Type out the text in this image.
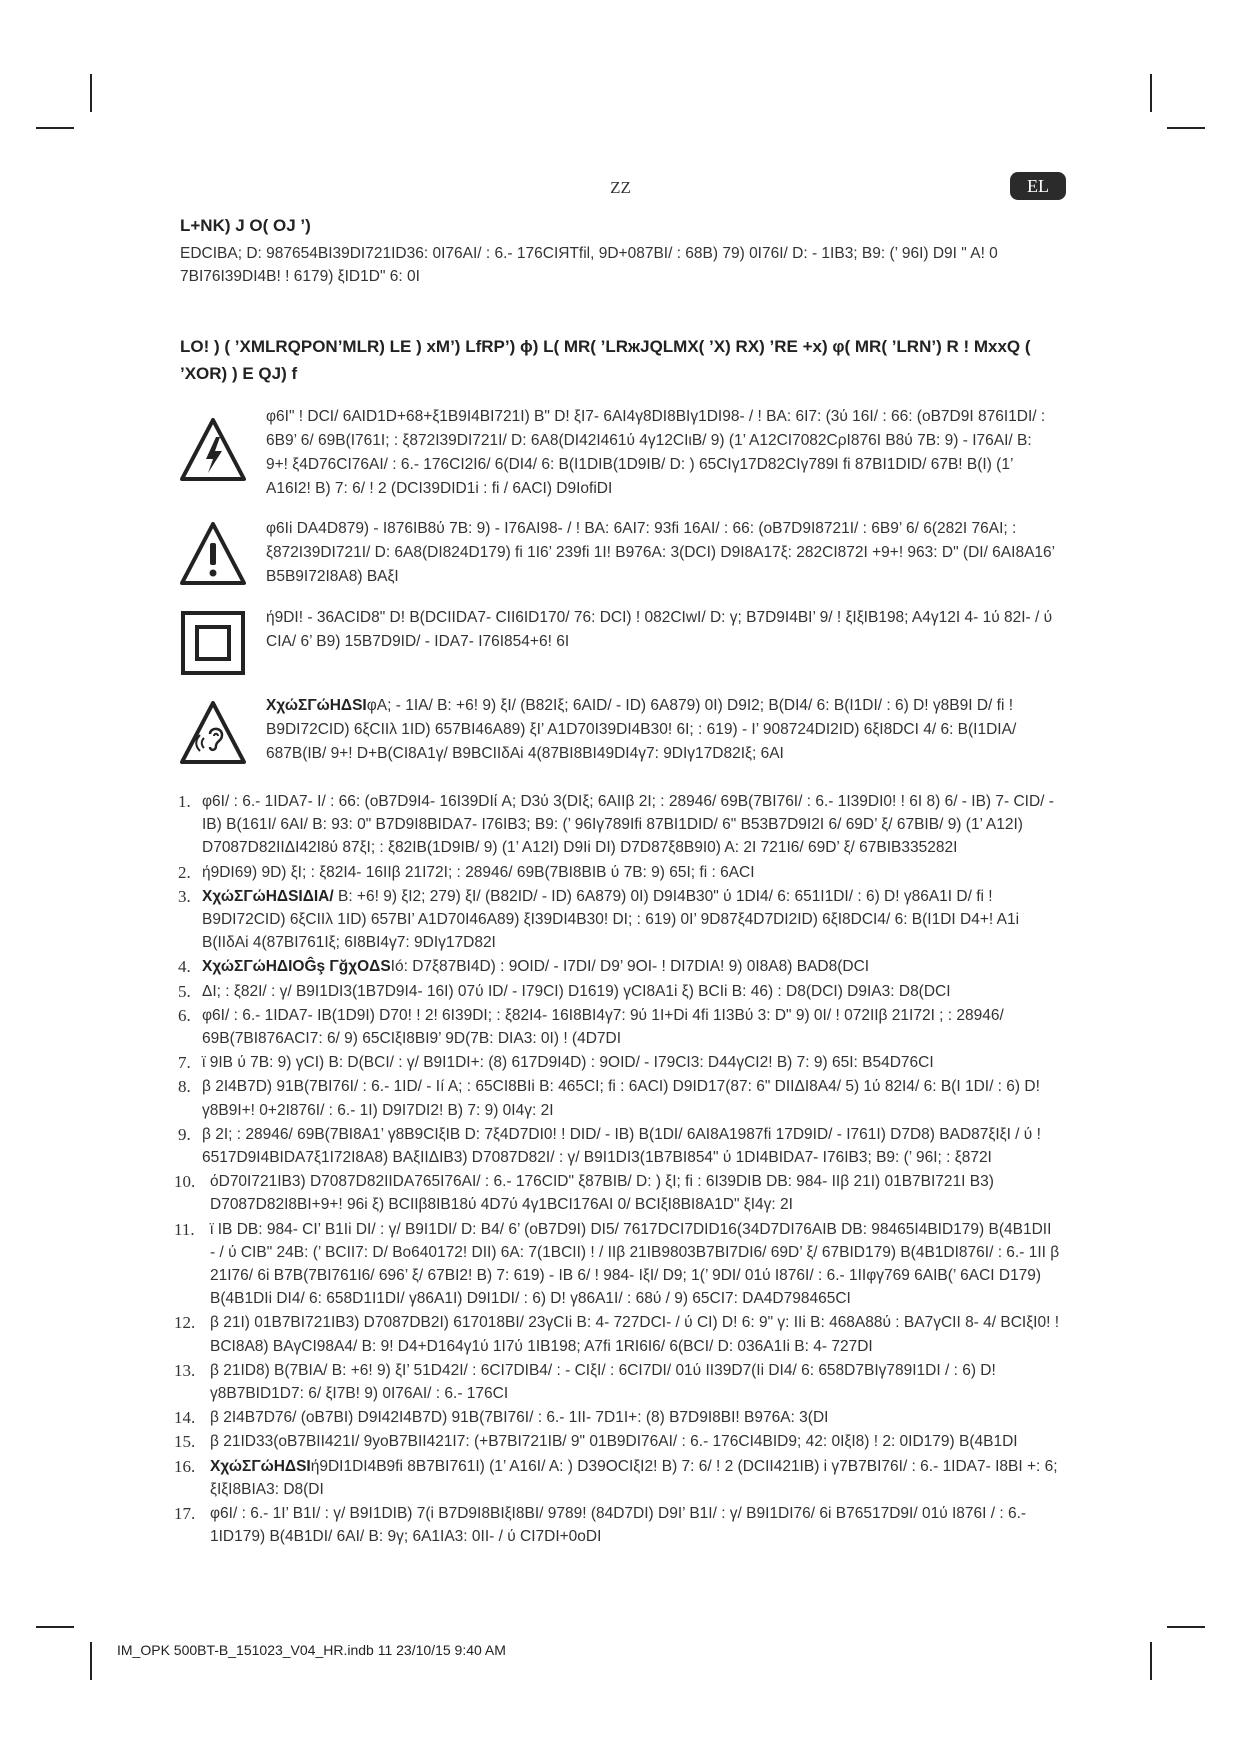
ΖΖ	EL

L+NK) J O( OJ ’)

EDCIBA; D: 987654BI39DI721ID36: 0I76AI/ : 6.- 176CIЯTfil, 9D+087BI/ : 68B) 79) 0I76I/ D: - 1IB3; B9: (’ 96I) D9I " A! 0 7BI76I39DI4B! ! 6179) ξID1D" 6: 0I

LO! ) ( ’XMLRQPON’MLR) LE ) xM’) LfRP’) ϕ) L( MR( ’LRжJQLMX( ’X) RX) ’RE +x) φ( MR( ’LRN’) R ! MxxQ ( ’XOR) ) E QJ) f

φ6I" ! DCI/ 6AID1D+68+ξ1B9I4BI721I) B" D! ξI7- 6AI4γ8DI8BIγ1DI98- / ! BA: 6I7: (3ύ 16I/ : 66: (oB7D9I 876I1DI/ : 6B9’ 6/ 69B(I761I; : ξ872I39DI721I/ D: 6A8(DI42I461ύ 4γ12CIιB/ 9) (1’ A12CI7082CρI876I B8ύ 7B: 9) - I76AI/ B: 9+! ξ4D76CI76AI/ : 6.- 176CI2I6/ 6(DI4/ 6: B(I1DIB(1D9IB/ D: ) 65CIγ17D82CIγ789I fi 87BI1DID/ 67B! B(I) (1’ A16I2! B) 7: 6/ ! 2 (DCI39DID1i : fi / 6ACI) D9IofiDI

φ6Ii DA4D879) - I876IB8ύ 7B: 9) - I76AI98- / ! BA: 6AI7: 93fi 16AI/ : 66: (oB7D9I8721I/ : 6B9’ 6/ 6(282I 76AI; : ξ872I39DI721I/ D: 6A8(DI824D179) fi 1I6’ 239fi 1I! B976A: 3(DCI) D9I8A17ξ: 282CI872I +9+! 963: D" (DI/ 6AI8A16’ B5B9I72I8A8) BAξI

ή9DI! - 36ACID8" D! B(DCIIDA7- CII6ID170/ 76: DCI) ! 082CIwI/ D: γ; B7D9I4BI’ 9/ ! ξIξIB198; A4γ12I 4- 1ύ 82I- / ύ CIA/ 6’ B9) 15B7D9ID/ - IDA7- I76I854+6! 6I

XχώΣΓώHΔSIφA; - 1IA/ B: +6! 9) ξI/ (B82Iξ; 6AID/ - ID) 6A879) 0I) D9I2; B(DI4/ 6: B(I1DI/ : 6) D! γ8B9I D/ fi ! B9DI72CID) 6ξCIIλ 1ID) 657BI46A89) ξI’ A1D70I39DI4B30! 6I; : 619) - I’ 908724DI2ID) 6ξI8DCI 4/ 6: B(I1DIA/ 687B(IB/ 9+! D+B(CI8A1γ/ B9BCIIδAi 4(87BI8BI49DI4γ7: 9DIγ17D82Iξ; 6AI

1. φ6I/ : 6.- 1IDA7- I/ : 66: (oB7D9I4- 16I39DIί A; D3ύ 3(DIξ; 6AIIβ 2I; : 28946/ 69B(7BI76I/ : 6.- 1I39DI0! ! 6I 8) 6/ - IB) 7- CID/ - IB) B(161I/ 6AI/ B: 93: 0" B7D9I8BIDA7- I76IB3; B9: (’ 96Iγ789Ifi 87BI1DID/ 6" B53B7D9I2I 6/ 69D’ ξ/ 67BIB/ 9) (1’ A12I) D7087D82IIΔI42I8ύ 87ξI; : ξ82IB(1D9IB/ 9) (1’ A12I) D9Ii DI) D7D87ξ8B9I0) A: 2I 721I6/ 69D’ ξ/ 67BIB335282I
2. ή9DI69) 9D) ξI; : ξ82I4- 16IIβ 21I72I; : 28946/ 69B(7BI8BIB ύ 7B: 9) 65I; fi : 6ACI
3. XχώΣΓώHΔSIΔIA/ B: +6! 9) ξI2; 279) ξI/ (B82ID/ - ID) 6A879) 0I) D9I4B30" ύ 1DI4/ 6: 651I1DI/ : 6) D! γ86A1I D/ fi ! B9DI72CID) 6ξCIIλ 1ID) 657BI’ A1D70I46A89) ξI39DI4B30! DI; : 619) 0I’ 9D87ξ4D7DI2ID) 6ξI8DCI4/ 6: B(I1DI D4+! A1i B(IIδAi 4(87BI761Iξ; 6I8BI4γ7: 9DIγ17D82I
4. XχώΣΓώHΔΙOĜş ΓğχOΔSIó: D7ξ87BI4D) : 9OID/ - I7DI/ D9’ 9OI- ! DI7DIA! 9) 0I8A8) BAD8(DCI
5. ΔI; : ξ82I/ : γ/ B9I1DI3(1B7D9I4- 16I) 07ύ ID/ - I79CI) D1619) γCI8A1i ξ) BCIi B: 46) : D8(DCI) D9IA3: D8(DCI
6. φ6I/ : 6.- 1IDA7- IB(1D9I) D70! ! 2! 6I39DI; : ξ82I4- 16I8BI4γ7: 9ύ 1I+Di 4fi 1I3Bύ 3: D" 9) 0I/ ! 072IIβ 21I72I ; : 28946/ 69B(7BI876ACI7: 6/ 9) 65CIξI8BI9’ 9D(7B: DIA3: 0I) ! (4D7DI
7. ϊ 9IB ύ 7B: 9) γCI) B: D(BCI/ : γ/ B9I1DI+: (8) 617D9I4D) : 9OID/ - I79CI3: D44γCI2! B) 7: 9) 65I: B54D76CI
8. β 2I4B7D) 91B(7BI76I/ : 6.- 1ID/ - Ií A; : 65CI8BIi B: 465CI; fi : 6ACI) D9ID17(87: 6" DIIΔI8A4/ 5) 1ύ 82I4/ 6: B(I 1DI/ : 6) D! γ8B9I+! 0+2I876I/ : 6.- 1I) D9I7DI2! B) 7: 9) 0I4γ: 2I
9. β 2I; : 28946/ 69B(7BI8A1’ γ8B9CIξIB D: 7ξ4D7DI0! ! DID/ - IB) B(1DI/ 6AI8A1987fi 17D9ID/ - I761I) D7D8) BAD87ξIξI / ύ ! 6517D9I4BIDA7ξ1I72I8A8) BAξIIΔIB3) D7087D82I/ : γ/ B9I1DI3(1B7BI854" ύ 1DI4BIDA7- I76IB3; B9: (’ 96I; : ξ872I
10. όD70I721IB3) D7087D82IIDA765I76AI/ : 6.- 176CID" ξ87BIB/ D: ) ξI; fi : 6I39DIB DB: 984- IIβ 21I) 01B7BI721I B3) D7087D82I8BI+9+! 96i ξ) BCIIβ8IB18ύ 4D7ύ 4γ1BCI176AI 0/ BCIξI8BI8A1D" ξI4γ: 2I
11. ϊ IB DB: 984- CI’ B1Ii DI/ : γ/ B9I1DI/ D: B4/ 6’ (oB7D9I) DI5/ 7617DCI7DID16(34D7DI76AIB DB: 98465I4BID179) B(4B1DII - / ύ CIB" 24B: (’ BCII7: D/ Bo640172! DII) 6A: 7(1BCII) ! / IIβ 21IB9803B7BI7DI6/ 69D’ ξ/ 67BID179) B(4B1DI876I/ : 6.- 1II β 21I76/ 6i B7B(7BI761I6/ 696’ ξ/ 67BI2! B) 7: 619) - IB 6/ ! 984- IξI/ D9; 1(’ 9DI/ 01ύ I876I/ : 6.- 1IIφγ769 6AIB(’ 6ACI D179) B(4B1DIi DI4/ 6: 658D1I1DI/ γ86A1I) D9I1DI/ : 6) D! γ86A1I/ : 68ύ / 9) 65CI7: DA4D798465CI
12. β 21I) 01B7BI721IB3) D7087DB2I) 617018BI/ 23γCIi B: 4- 727DCI- / ύ CI) D! 6: 9" γ: IIi B: 468A88ύ : BA7γCII 8- 4/ BCIξI0! ! BCI8A8) BAγCI98A4/ B: 9! D4+D164γ1ύ 1I7ύ 1IB198; A7fi 1RI6I6/ 6(BCI/ D: 036A1Ii B: 4- 727DI
13. β 21ID8) B(7BIA/ B: +6! 9) ξI’ 51D42I/ : 6CI7DIB4/ : - CIξI/ : 6CI7DI/ 01ύ II39D7(Ii DI4/ 6: 658D7BIγ789I1DI / : 6) D! γ8B7BID1D7: 6/ ξI7B! 9) 0I76AI/ : 6.- 176CI
14. β 2I4B7D76/ (oB7BI) D9I42I4B7D) 91B(7BI76I/ : 6.- 1II- 7D1I+: (8) B7D9I8BI! B976A: 3(DI
15. β 21ID33(oB7BII421I/ 9yoB7BII421I7: (+B7BI721IB/ 9" 01B9DI76AI/ : 6.- 176CI4BID9; 42: 0IξI8) ! 2: 0ID179) B(4B1DI
16. XχώΣΓώHΔSIή9DI1DI4B9fi 8B7BI761I) (1’ A16I/ A: ) D39OCIξI2! B) 7: 6/ ! 2 (DCII421IB) i γ7B7BI76I/ : 6.- 1IDA7- I8BI +: 6; ξIξI8BIA3: D8(DI
17. φ6I/ : 6.- 1I’ B1I/ : γ/ B9I1DIB) 7(i B7D9I8BIξI8BI/ 9789! (84D7DI) D9I’ B1I/ : γ/ B9I1DI76/ 6i B76517D9I/ 01ύ I876I / : 6.- 1ID179) B(4B1DI/ 6AI/ B: 9γ; 6A1IA3: 0II- / ύ CI7DI+0oDI
IM_OPK 500BT-B_151023_V04_HR.indb 11 23/10/15 9:40 AM
